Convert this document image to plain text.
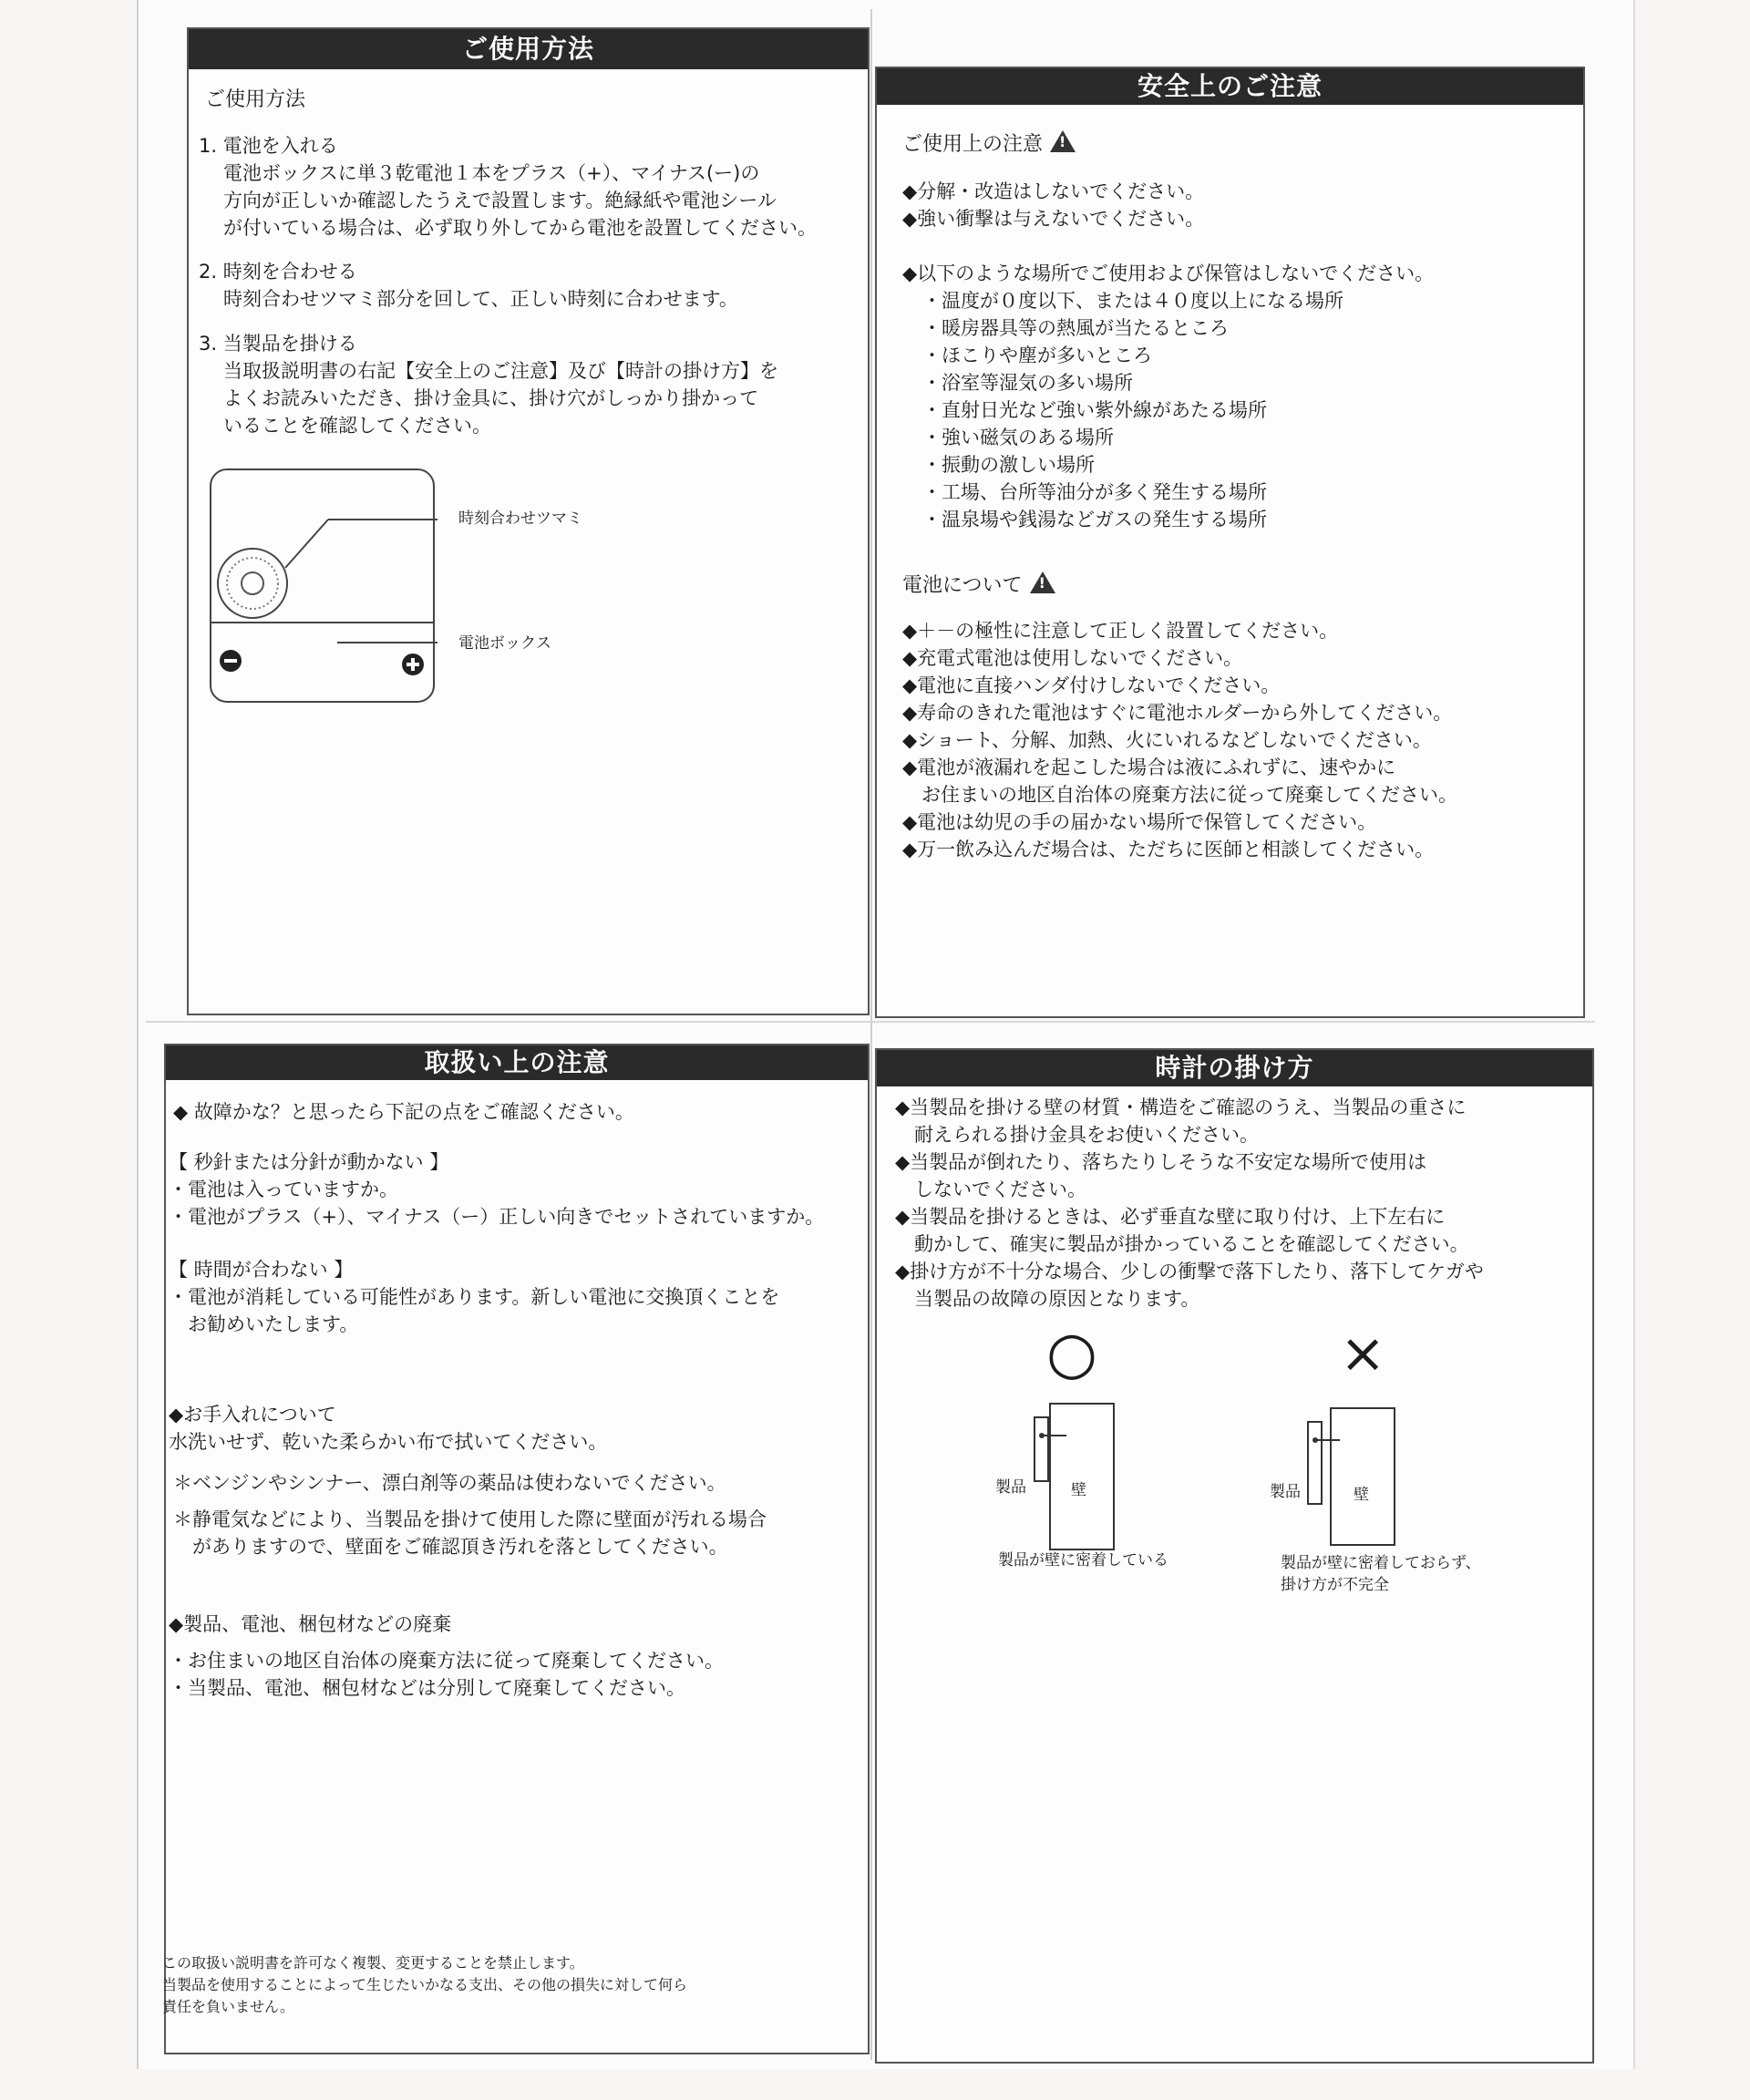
ご使用方法
ご使用方法
1. 電池を入れる
電池ボックスに単３乾電池１本をプラス（+）、マイナス(ー)の
方向が正しいか確認したうえで設置します。絶縁紙や電池シール
が付いている場合は、必ず取り外してから電池を設置してください。
2. 時刻を合わせる
時刻合わせツマミ部分を回して、正しい時刻に合わせます。
3. 当製品を掛ける
当取扱説明書の右記【安全上のご注意】及び【時計の掛け方】を
よくお読みいただき、掛け金具に、掛け穴がしっかり掛かって
いることを確認してください。
時刻合わせツマミ
電池ボックス
安全上のご注意
ご使用上の注意!
◆分解・改造はしないでください。
◆強い衝撃は与えないでください。
◆以下のような場所でご使用および保管はしないでください。
・温度が０度以下、または４０度以上になる場所
・暖房器具等の熱風が当たるところ
・ほこりや塵が多いところ
・浴室等湿気の多い場所
・直射日光など強い紫外線があたる場所
・強い磁気のある場所
・振動の激しい場所
・工場、台所等油分が多く発生する場所
・温泉場や銭湯などガスの発生する場所
電池について!
◆＋－の極性に注意して正しく設置してください。
◆充電式電池は使用しないでください。
◆電池に直接ハンダ付けしないでください。
◆寿命のきれた電池はすぐに電池ホルダーから外してください。
◆ショート、分解、加熱、火にいれるなどしないでください。
◆電池が液漏れを起こした場合は液にふれずに、速やかに
　お住まいの地区自治体の廃棄方法に従って廃棄してください。
◆電池は幼児の手の届かない場所で保管してください。
◆万一飲み込んだ場合は、ただちに医師と相談してください。
取扱い上の注意
◆ 故障かな？と思ったら下記の点をご確認ください。
【 秒針または分針が動かない 】
・電池は入っていますか。
・電池がプラス（+）、マイナス（ー）正しい向きでセットされていますか。
【 時間が合わない 】
・電池が消耗している可能性があります。新しい電池に交換頂くことを
　お勧めいたします。
◆お手入れについて
水洗いせず、乾いた柔らかい布で拭いてください。
＊ベンジンやシンナー、漂白剤等の薬品は使わないでください。
＊静電気などにより、当製品を掛けて使用した際に壁面が汚れる場合
　がありますので、壁面をご確認頂き汚れを落としてください。
◆製品、電池、梱包材などの廃棄
・お住まいの地区自治体の廃棄方法に従って廃棄してください。
・当製品、電池、梱包材などは分別して廃棄してください。
この取扱い説明書を許可なく複製、変更することを禁止します。
当製品を使用することによって生じたいかなる支出、その他の損失に対して何ら
責任を負いません。
時計の掛け方
◆当製品を掛ける壁の材質・構造をご確認のうえ、当製品の重さに
　耐えられる掛け金具をお使いください。
◆当製品が倒れたり、落ちたりしそうな不安定な場所で使用は
　しないでください。
◆当製品を掛けるときは、必ず垂直な壁に取り付け、上下左右に
　動かして、確実に製品が掛かっていることを確認してください。
◆掛け方が不十分な場合、少しの衝撃で落下したり、落下してケガや
　当製品の故障の原因となります。
○
製品	壁
製品が壁に密着している
×
製品	壁
製品が壁に密着しておらず、
掛け方が不完全
